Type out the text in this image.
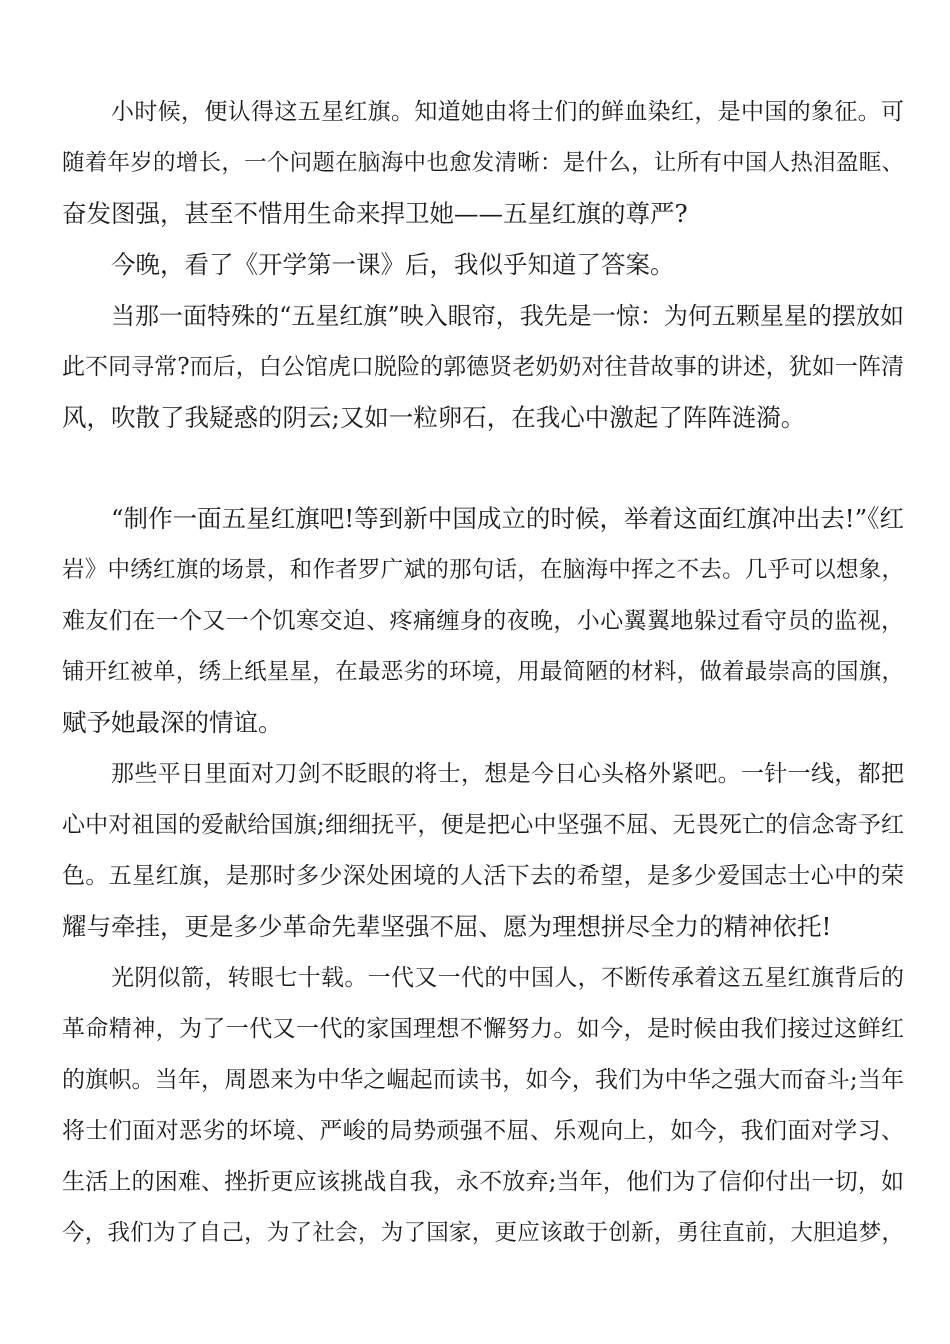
小时候，便认得这五星红旗。知道她由将士们的鲜血染红，是中国的象征。可
随着年岁的增长，一个问题在脑海中也愈发清晰：是什么，让所有中国人热泪盈眶、
奋发图强，甚至不惜用生命来捍卫她——五星红旗的尊严?
今晚，看了《开学第一课》后，我似乎知道了答案。
当那一面特殊的“五星红旗”映入眼帘，我先是一惊：为何五颗星星的摆放如
此不同寻常?而后，白公馆虎口脱险的郭德贤老奶奶对往昔故事的讲述，犹如一阵清
风，吹散了我疑惑的阴云;又如一粒卵石，在我心中激起了阵阵涟漪。
“制作一面五星红旗吧!等到新中国成立的时候，举着这面红旗冲出去!”《红
岩》中绣红旗的场景，和作者罗广斌的那句话，在脑海中挥之不去。几乎可以想象，
难友们在一个又一个饥寒交迫、疼痛缠身的夜晚，小心翼翼地躲过看守员的监视，
铺开红被单，绣上纸星星，在最恶劣的环境，用最简陋的材料，做着最崇高的国旗，
赋予她最深的情谊。
那些平日里面对刀剑不眨眼的将士，想是今日心头格外紧吧。一针一线，都把
心中对祖国的爱献给国旗;细细抚平，便是把心中坚强不屈、无畏死亡的信念寄予红
色。五星红旗，是那时多少深处困境的人活下去的希望，是多少爱国志士心中的荣
耀与牵挂，更是多少革命先辈坚强不屈、愿为理想拼尽全力的精神依托!
光阴似箭，转眼七十载。一代又一代的中国人，不断传承着这五星红旗背后的
革命精神，为了一代又一代的家国理想不懈努力。如今，是时候由我们接过这鲜红
的旗帜。当年，周恩来为中华之崛起而读书，如今，我们为中华之强大而奋斗;当年
将士们面对恶劣的坏境、严峻的局势顽强不屈、乐观向上，如今，我们面对学习、
生活上的困难、挫折更应该挑战自我，永不放弃;当年，他们为了信仰付出一切，如
今，我们为了自己，为了社会，为了国家，更应该敢于创新，勇往直前，大胆追梦，
